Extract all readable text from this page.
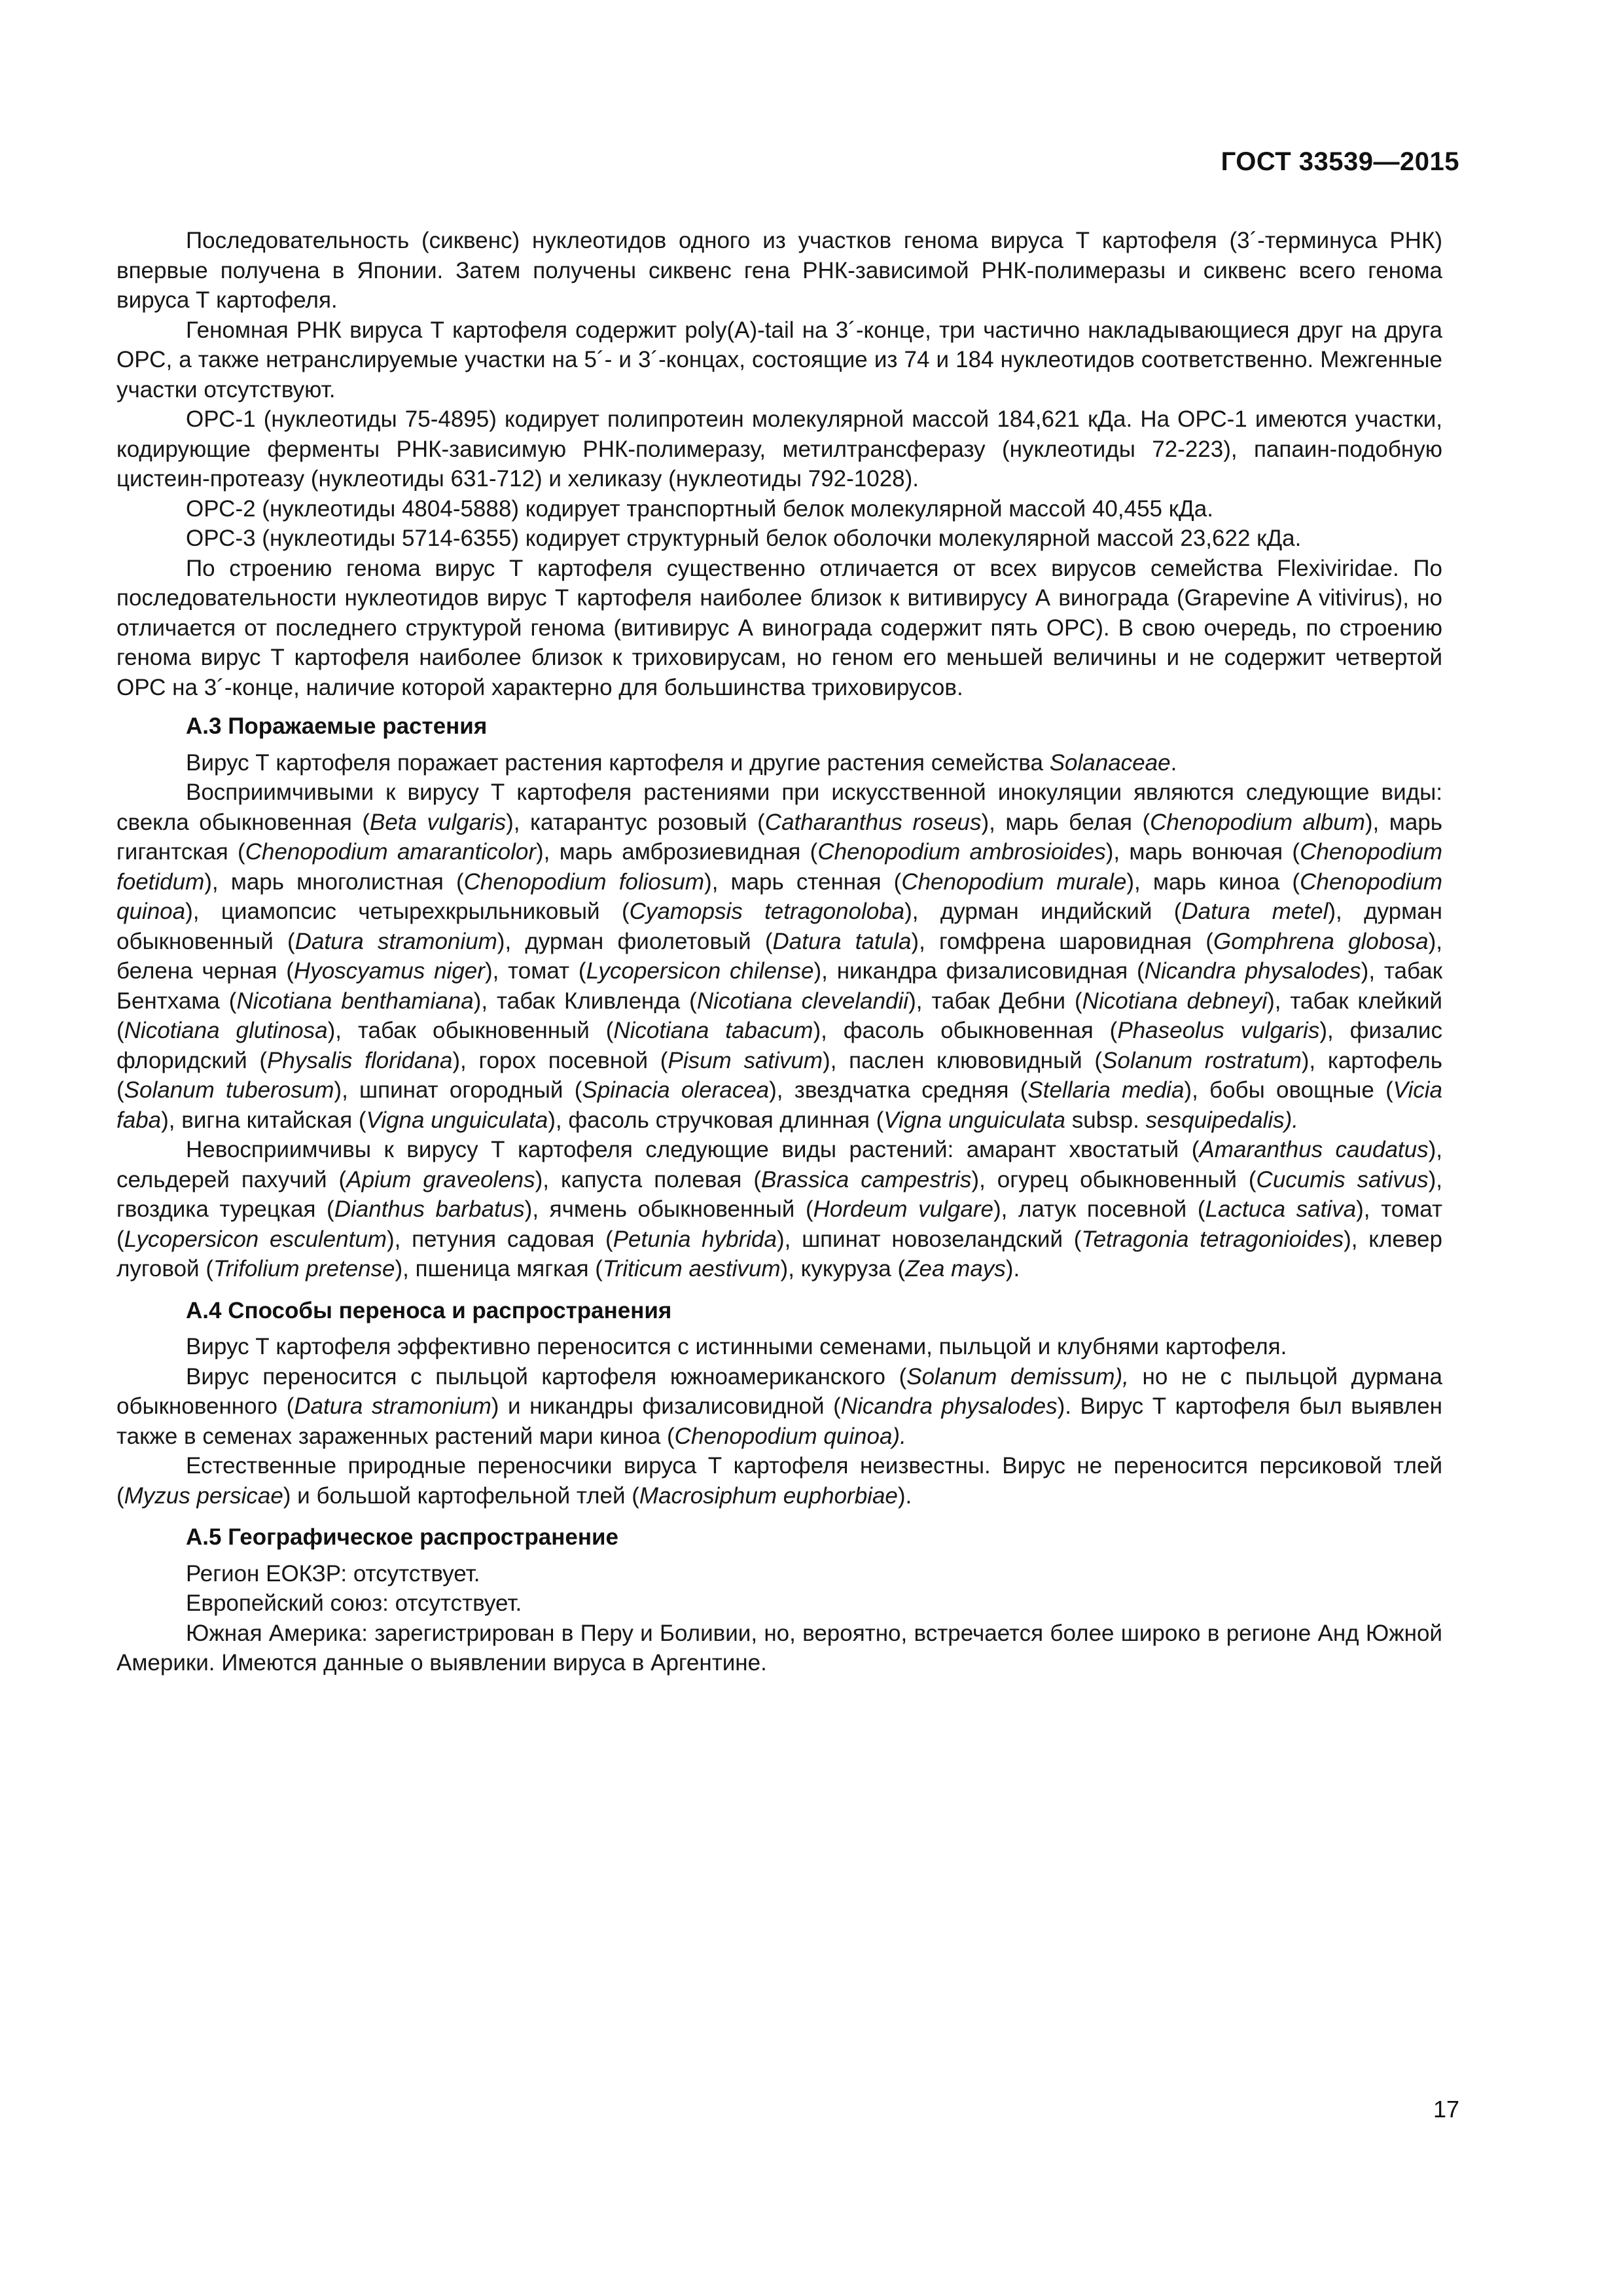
ГОСТ 33539—2015

Последовательность (сиквенс) нуклеотидов одного из участков генома вируса Т картофеля (3´-терминуса РНК) впервые получена в Японии. Затем получены сиквенс гена РНК-зависимой РНК-полимеразы и сиквенс всего генома вируса Т картофеля.

Геномная РНК вируса Т картофеля содержит poly(A)-tail на 3´-конце, три частично накладывающиеся друг на друга ОРС, а также нетранслируемые участки на 5´- и 3´-концах, состоящие из 74 и 184 нуклеотидов соответственно. Межгенные участки отсутствуют.

ОРС-1 (нуклеотиды 75-4895) кодирует полипротеин молекулярной массой 184,621 кДа. На ОРС-1 имеются участки, кодирующие ферменты РНК-зависимую РНК-полимеразу, метилтрансферазу (нуклеотиды 72-223), папаин-подобную цистеин-протеазу (нуклеотиды 631-712) и хеликазу (нуклеотиды 792-1028).

ОРС-2 (нуклеотиды 4804-5888) кодирует транспортный белок молекулярной массой 40,455 кДа.

ОРС-3 (нуклеотиды 5714-6355) кодирует структурный белок оболочки молекулярной массой 23,622 кДа.

По строению генома вирус Т картофеля существенно отличается от всех вирусов семейства Flexiviridae. По последовательности нуклеотидов вирус Т картофеля наиболее близок к витивирусу А винограда (Grapevine A vitivirus), но отличается от последнего структурой генома (витивирус А винограда содержит пять ОРС). В свою очередь, по строению генома вирус Т картофеля наиболее близок к триховирусам, но геном его меньшей величины и не содержит четвертой ОРС на 3´-конце, наличие которой характерно для большинства триховирусов.

А.3 Поражаемые растения

Вирус Т картофеля поражает растения картофеля и другие растения семейства Solanaceae.

Восприимчивыми к вирусу Т картофеля растениями при искусственной инокуляции являются следующие виды: свекла обыкновенная (Beta vulgaris), катарантус розовый (Catharanthus roseus), марь белая (Chenopodium album), марь гигантская (Chenopodium amaranticolor), марь амброзиевидная (Chenopodium ambrosioides), марь вонючая (Chenopodium foetidum), марь многолистная (Chenopodium foliosum), марь стенная (Chenopodium murale), марь киноа (Chenopodium quinoa), циамопсис четырехкрыльниковый (Cyamopsis tetragonoloba), дурман индийский (Datura metel), дурман обыкновенный (Datura stramonium), дурман фиолетовый (Datura tatula), гомфрена шаровидная (Gomphrena globosa), белена черная (Hyoscyamus niger), томат (Lycopersicon chilense), никандра физалисовидная (Nicandra physalodes), табак Бентхама (Nicotiana benthamiana), табак Кливленда (Nicotiana clevelandii), табак Дебни (Nicotiana debneyi), табак клейкий (Nicotiana glutinosa), табак обыкновенный (Nicotiana tabacum), фасоль обыкновенная (Phaseolus vulgaris), физалис флоридский (Physalis floridana), горох посевной (Pisum sativum), паслен клювовидный (Solanum rostratum), картофель (Solanum tuberosum), шпинат огородный (Spinacia oleracea), звездчатка средняя (Stellaria media), бобы овощные (Vicia faba), вигна китайская (Vigna unguiculata), фасоль стручковая длинная (Vigna unguiculata subsp. sesquipedalis).

Невосприимчивы к вирусу Т картофеля следующие виды растений: амарант хвостатый (Amaranthus caudatus), сельдерей пахучий (Apium graveolens), капуста полевая (Brassica campestris), огурец обыкновенный (Cucumis sativus), гвоздика турецкая (Dianthus barbatus), ячмень обыкновенный (Hordeum vulgare), латук посевной (Lactuca sativa), томат (Lycopersicon esculentum), петуния садовая (Petunia hybrida), шпинат новозеландский (Tetragonia tetragonioides), клевер луговой (Trifolium pretense), пшеница мягкая (Triticum aestivum), кукуруза (Zea mays).

А.4 Способы переноса и распространения

Вирус Т картофеля эффективно переносится с истинными семенами, пыльцой и клубнями картофеля.

Вирус переносится с пыльцой картофеля южноамериканского (Solanum demissum), но не с пыльцой дурмана обыкновенного (Datura stramonium) и никандры физалисовидной (Nicandra physalodes). Вирус Т картофеля был выявлен также в семенах зараженных растений мари киноа (Chenopodium quinoa).

Естественные природные переносчики вируса Т картофеля неизвестны. Вирус не переносится персиковой тлей (Myzus persicae) и большой картофельной тлей (Macrosiphum euphorbiae).

А.5 Географическое распространение

Регион ЕОКЗР: отсутствует.

Европейский союз: отсутствует.

Южная Америка: зарегистрирован в Перу и Боливии, но, вероятно, встречается более широко в регионе Анд Южной Америки. Имеются данные о выявлении вируса в Аргентине.

17
